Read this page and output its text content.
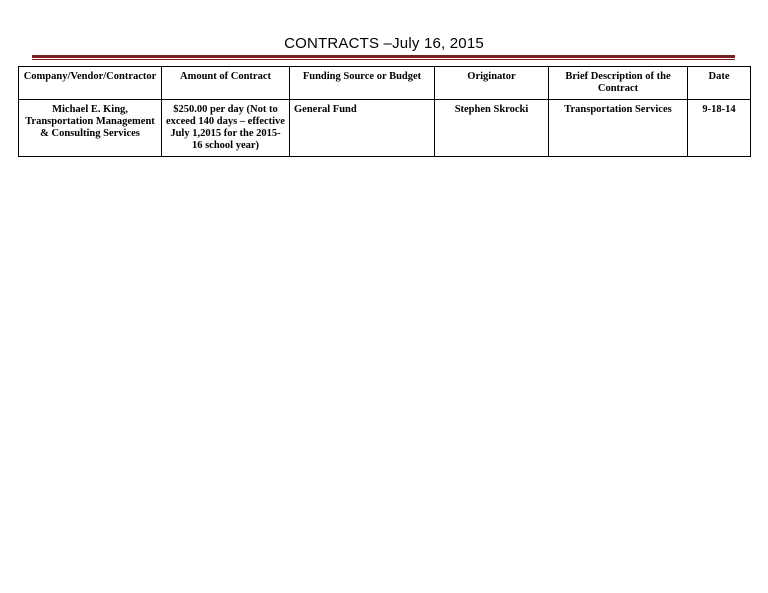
CONTRACTS –July 16, 2015
Company/Vendor/Contractor	Amount of Contract	Funding Source or Budget	Originator	Brief Description of the Contract	Date
Michael E. King, Transportation Management & Consulting Services	$250.00 per day (Not to exceed 140 days – effective July 1,2015 for the 2015-16 school year)	General Fund	Stephen Skrocki	Transportation Services	9-18-14
